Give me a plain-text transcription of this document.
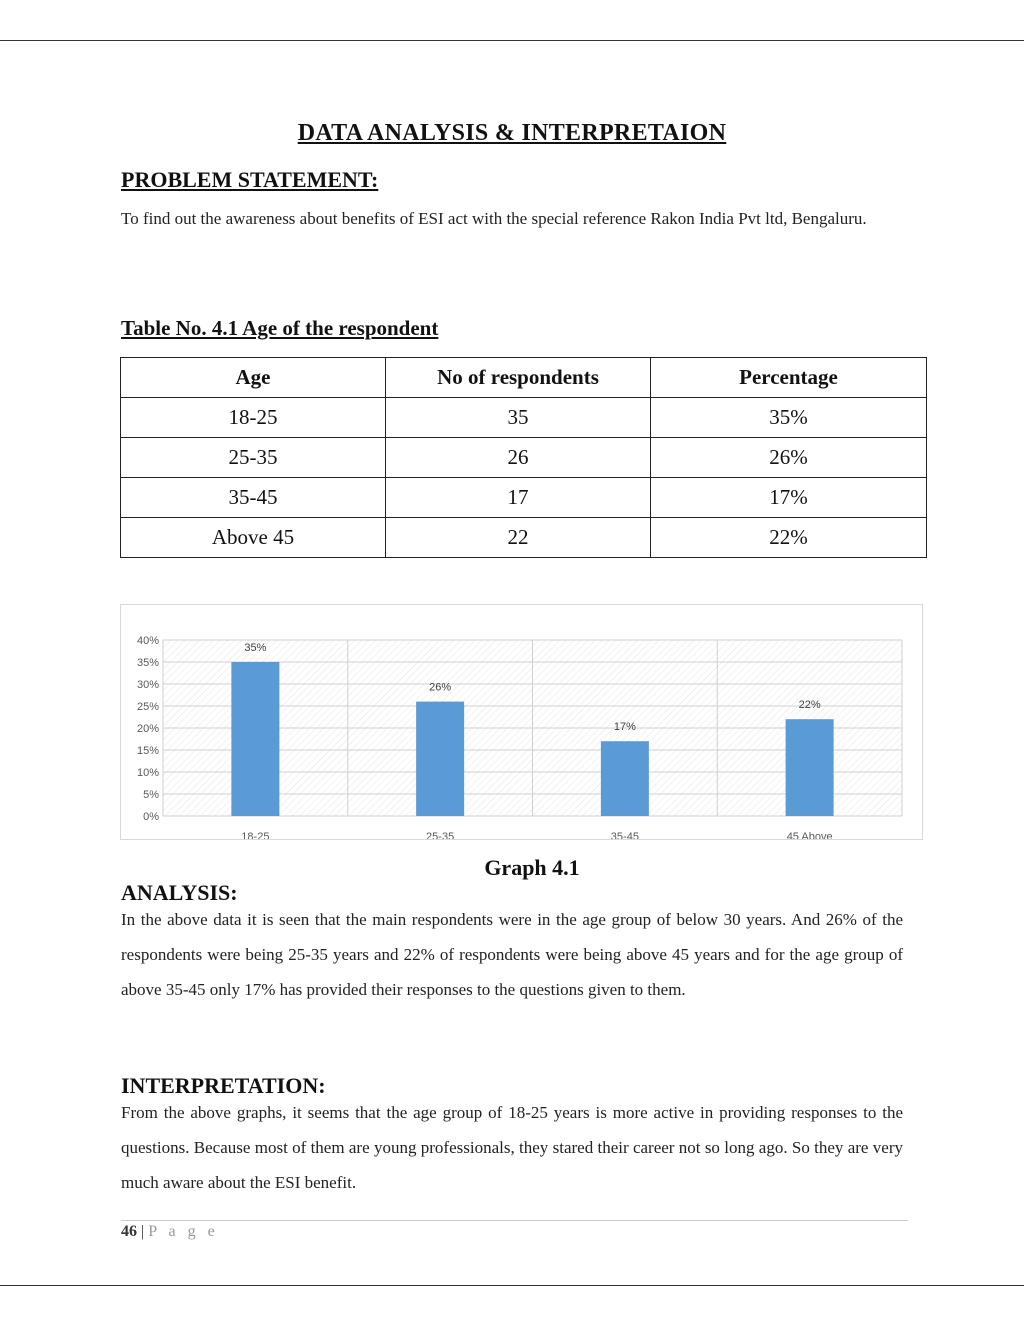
DATA ANALYSIS & INTERPRETAION
PROBLEM STATEMENT:
To find out the awareness about benefits of ESI act with the special reference Rakon India Pvt ltd, Bengaluru.
Table No. 4.1 Age of the respondent
Age	No of respondents	Percentage
18-25	35	35%
25-35	26	26%
35-45	17	17%
Above 45	22	22%
0%
5%
10%
15%
20%
25%
30%
35%
40%
35%
18-25
26%
25-35
17%
35-45
22%
45 Above
Graph 4.1
ANALYSIS:
In the above data it is seen that the main respondents were in the age group of below 30 years. And 26% of the respondents were being 25-35 years and 22% of respondents were being above 45 years and for the age group of above 35-45 only 17% has provided their responses to the questions given to them.
INTERPRETATION:
From the above graphs, it seems that the age group of 18-25 years is more active in providing responses to the questions. Because most of them are young professionals, they stared their career not so long ago. So they are very much aware about the ESI benefit.
46 | P a g e
